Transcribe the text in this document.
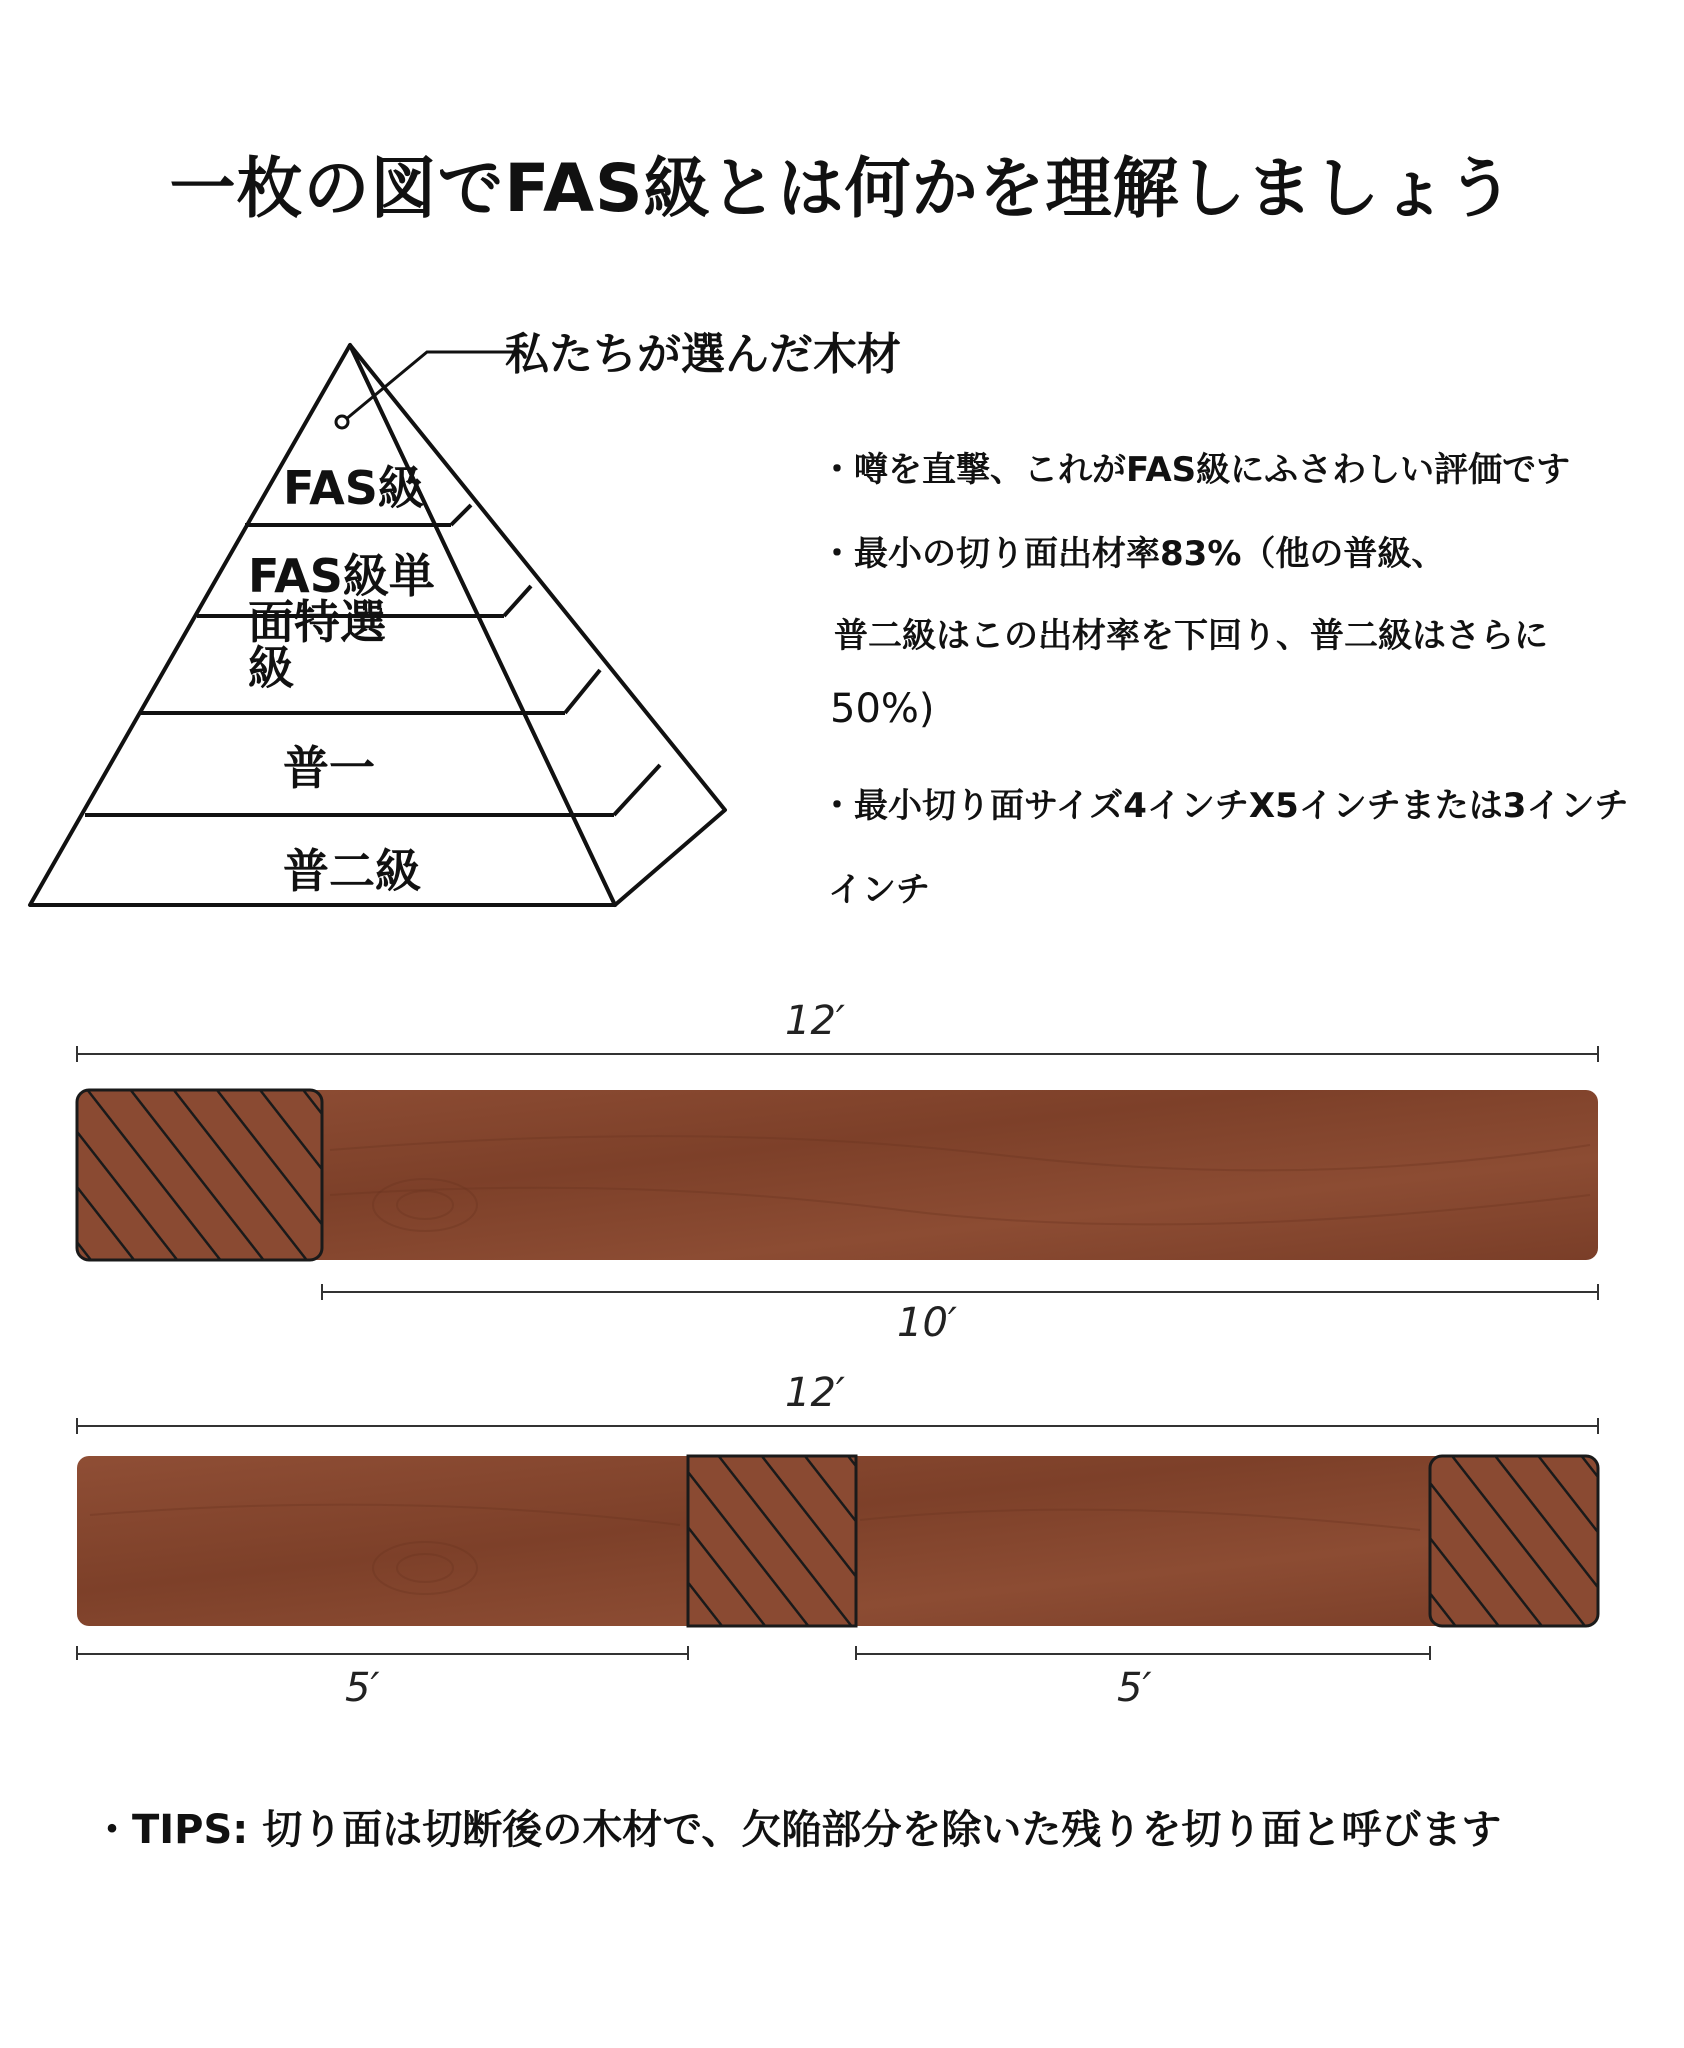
一枚の図でFAS級とは何かを理解しましょう
私たちが選んだ木材
FAS級
FAS級単
面特選
級
普一
普二級
・噂を直撃、これがFAS級にふさわしい評価です
・最小の切り面出材率83%（他の普級、
普二級はこの出材率を下回り、普二級はさらに
50%)
・最小切り面サイズ4インチX5インチまたは3インチ
インチ
12′
10′
12′
5′	5′
・TIPS: 切り面は切断後の木材で、欠陥部分を除いた残りを切り面と呼びます
